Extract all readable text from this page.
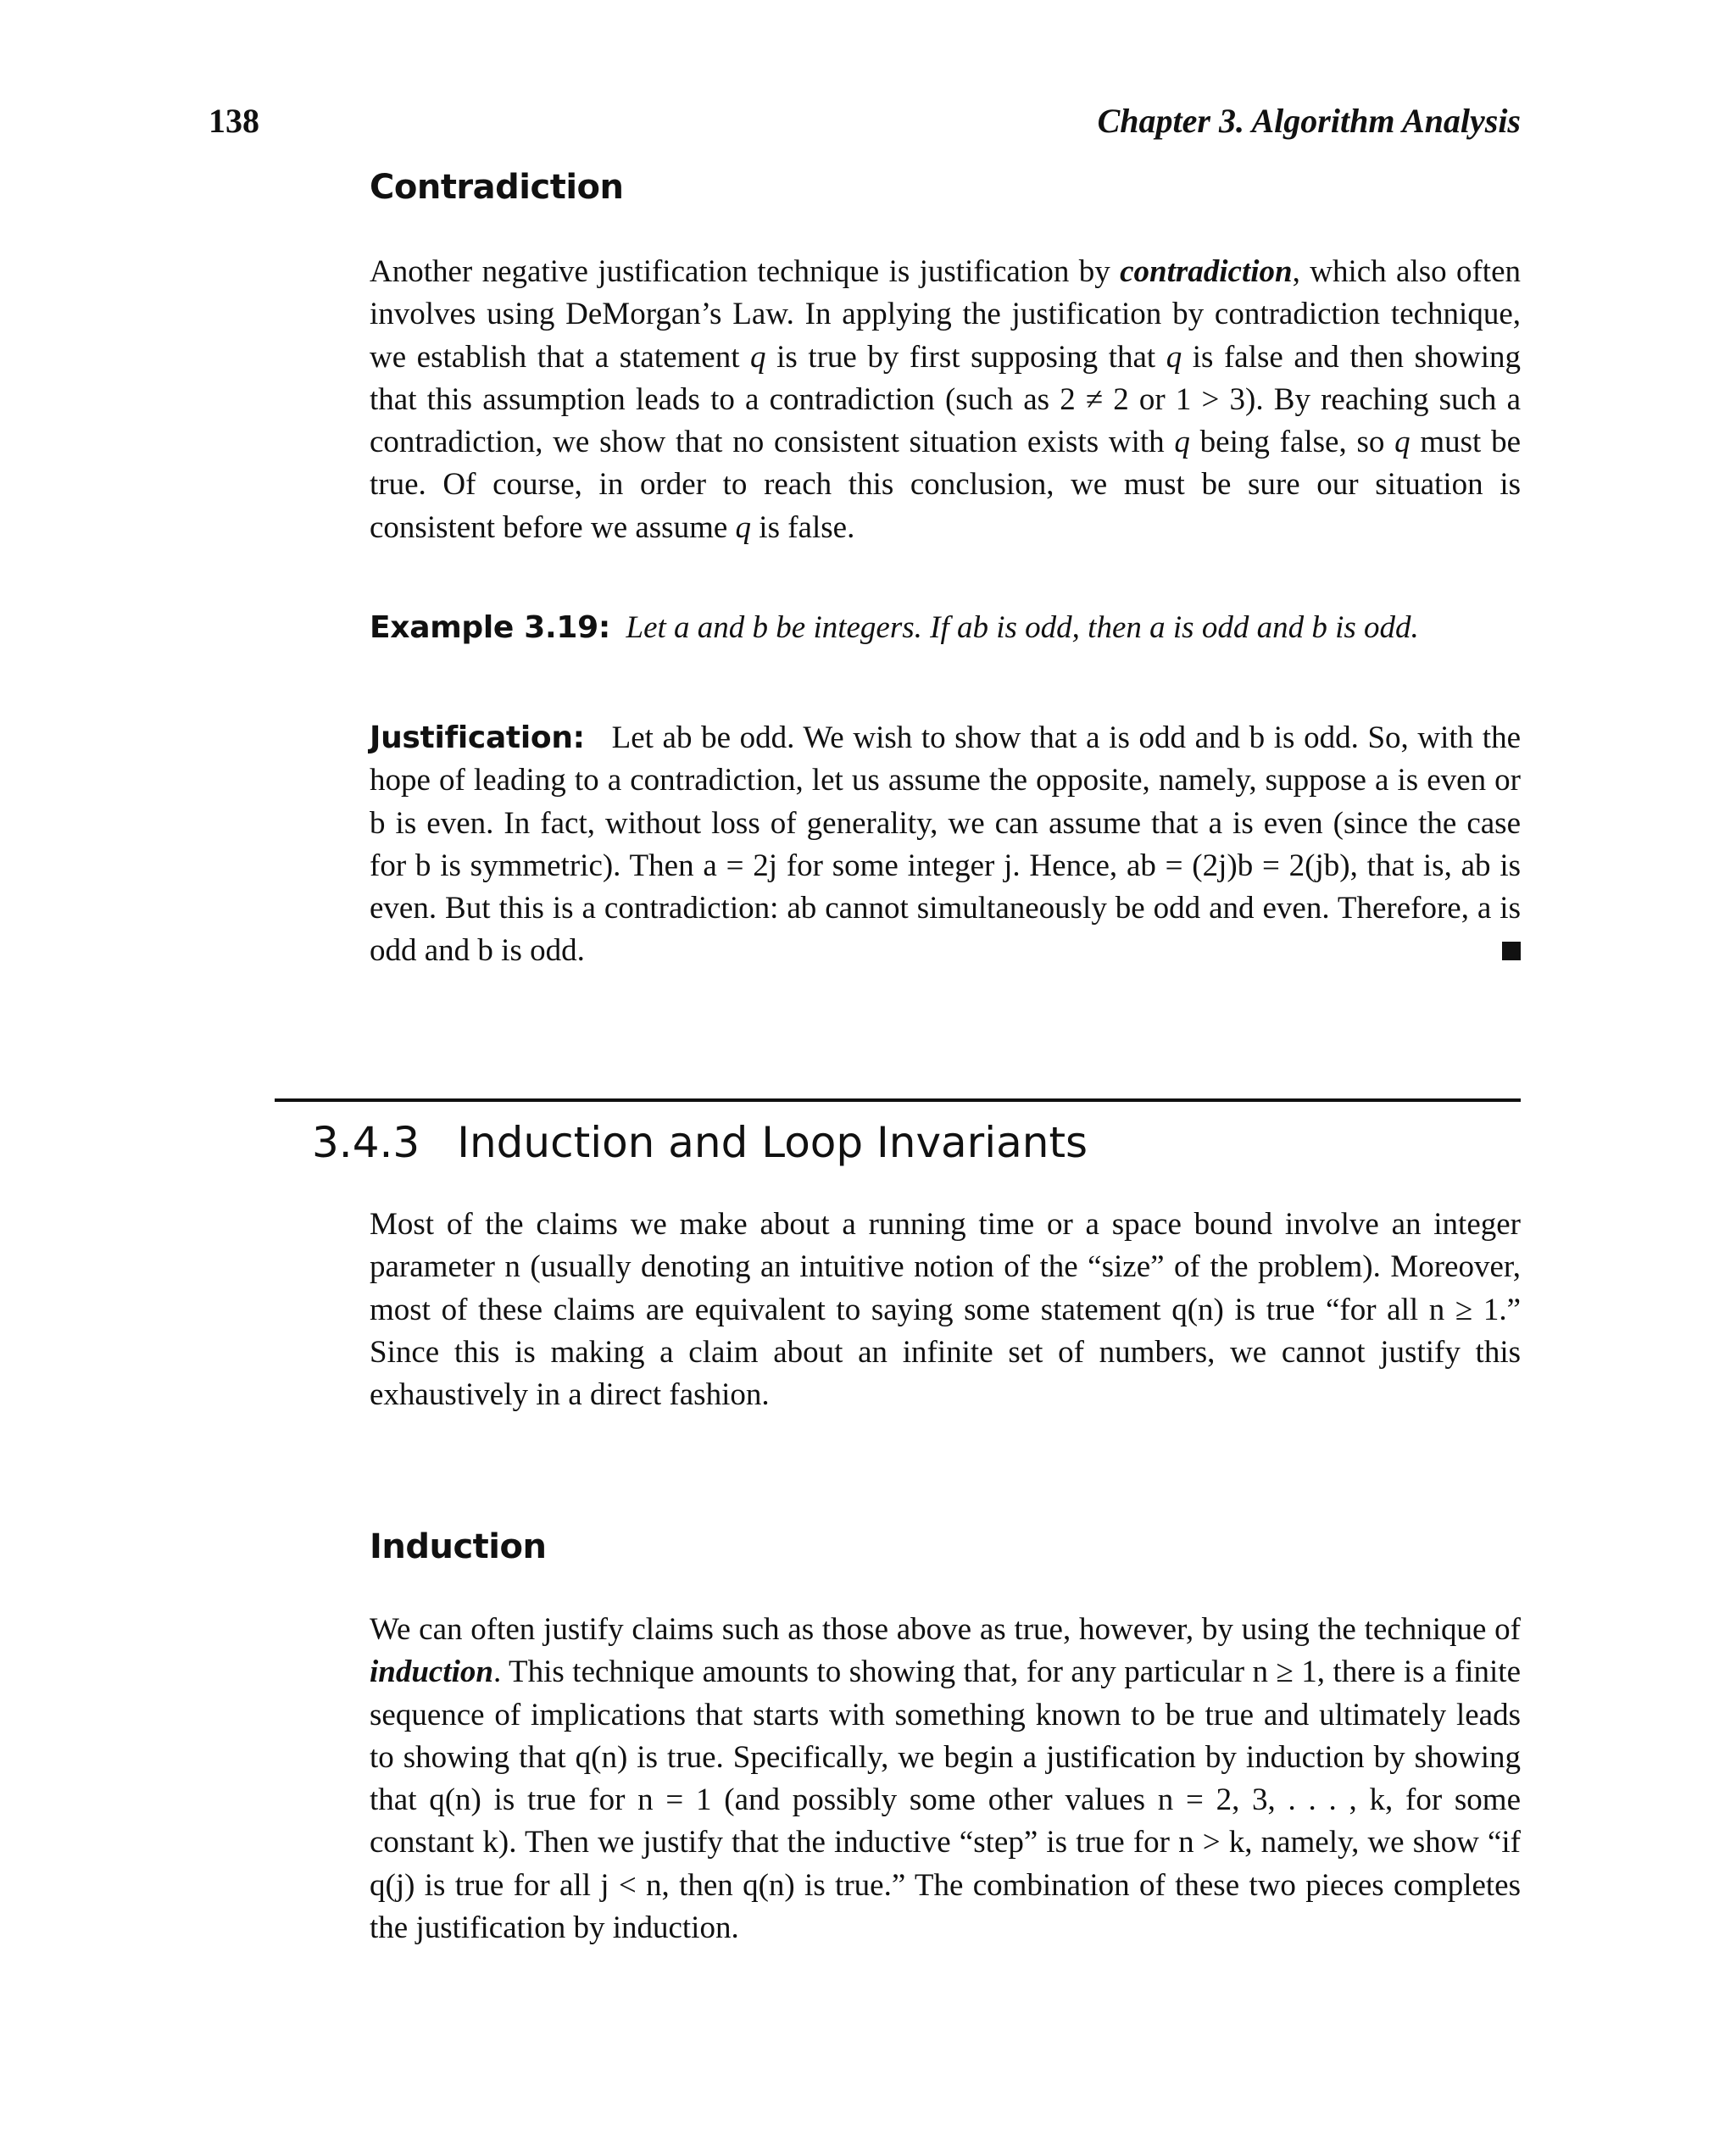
138	Chapter 3. Algorithm Analysis
Contradiction
Another negative justification technique is justification by contradiction, which also often involves using DeMorgan’s Law. In applying the justification by contradiction technique, we establish that a statement q is true by first supposing that q is false and then showing that this assumption leads to a contradiction (such as 2 ≠ 2 or 1 > 3). By reaching such a contradiction, we show that no consistent situation exists with q being false, so q must be true. Of course, in order to reach this conclusion, we must be sure our situation is consistent before we assume q is false.
Example 3.19: Let a and b be integers. If ab is odd, then a is odd and b is odd.
Justification: Let ab be odd. We wish to show that a is odd and b is odd. So, with the hope of leading to a contradiction, let us assume the opposite, namely, suppose a is even or b is even. In fact, without loss of generality, we can assume that a is even (since the case for b is symmetric). Then a = 2j for some integer j. Hence, ab = (2j)b = 2(jb), that is, ab is even. But this is a contradiction: ab cannot simultaneously be odd and even. Therefore, a is odd and b is odd.
3.4.3 Induction and Loop Invariants
Most of the claims we make about a running time or a space bound involve an integer parameter n (usually denoting an intuitive notion of the “size” of the problem). Moreover, most of these claims are equivalent to saying some statement q(n) is true “for all n ≥ 1.” Since this is making a claim about an infinite set of numbers, we cannot justify this exhaustively in a direct fashion.
Induction
We can often justify claims such as those above as true, however, by using the technique of induction. This technique amounts to showing that, for any particular n ≥ 1, there is a finite sequence of implications that starts with something known to be true and ultimately leads to showing that q(n) is true. Specifically, we begin a justification by induction by showing that q(n) is true for n = 1 (and possibly some other values n = 2, 3, . . . , k, for some constant k). Then we justify that the inductive “step” is true for n > k, namely, we show “if q(j) is true for all j < n, then q(n) is true.” The combination of these two pieces completes the justification by induction.
